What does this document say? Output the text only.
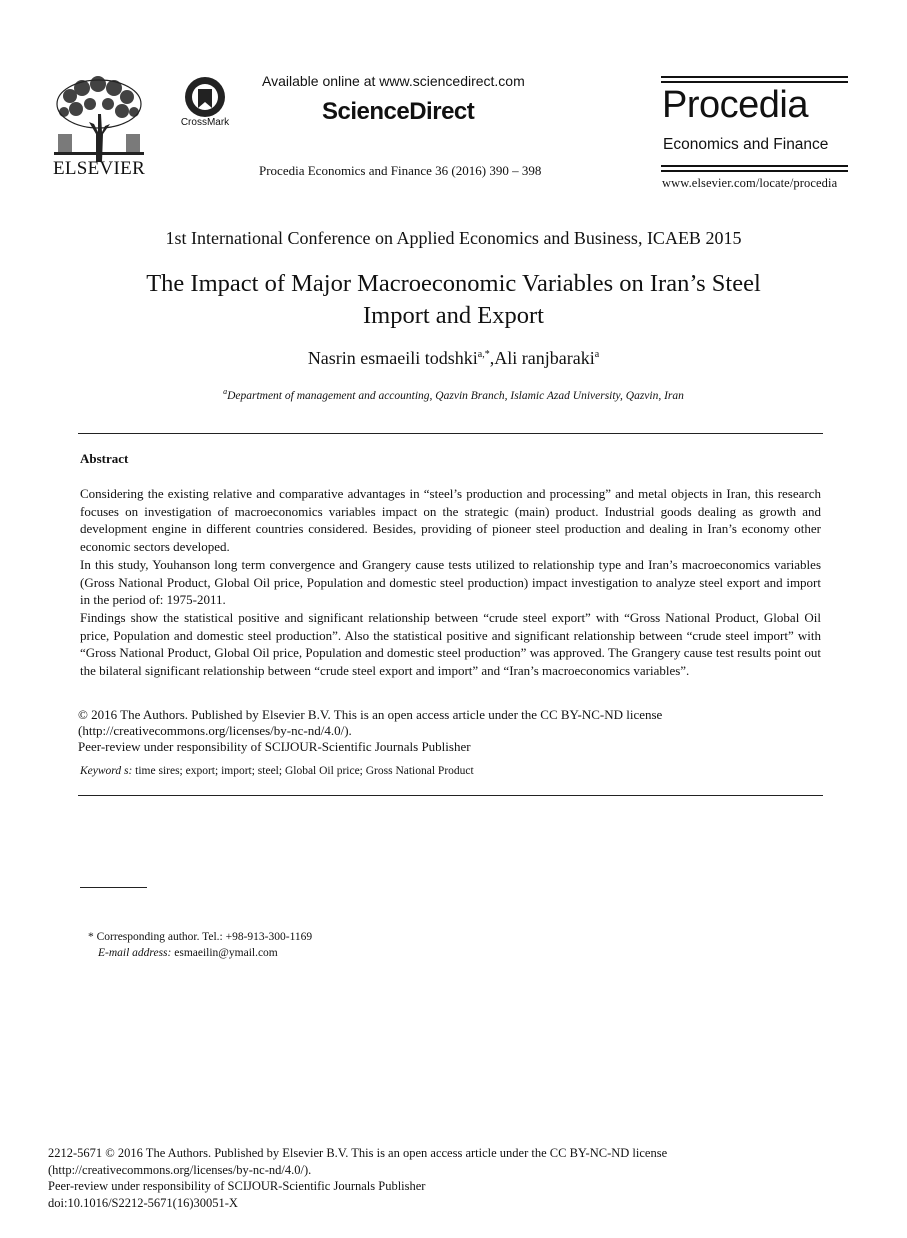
ELSEVIER
CrossMark
Available online at www.sciencedirect.com
ScienceDirect
Procedia Economics and Finance 36 (2016) 390 – 398
Procedia
Economics and Finance
www.elsevier.com/locate/procedia
1st International Conference on Applied Economics and Business, ICAEB 2015
The Impact of Major Macroeconomic Variables on Iran’s Steel
Import and Export
Nasrin esmaeili todshki$^{a,*}$,Ali ranjbaraki$^a$
$^a$Department of management and accounting, Qazvin Branch, Islamic Azad University, Qazvin, Iran
Abstract

Considering the existing relative and comparative advantages in “steel’s production and processing” and metal objects in Iran, this research focuses on investigation of macroeconomics variables impact on the strategic (main) product. Industrial goods dealing as growth and development engine in different countries considered. Besides, providing of pioneer steel production and dealing in Iran’s economy other economic sectors developed.

In this study, Youhanson long term convergence and Grangery cause tests utilized to relationship type and Iran’s macroeconomics variables (Gross National Product, Global Oil price, Population and domestic steel production) impact investigation to analyze steel export and import in the period of: 1975-2011.

Findings show the statistical positive and significant relationship between “crude steel export” with “Gross National Product, Global Oil price, Population and domestic steel production”. Also the statistical positive and significant relationship between “crude steel import” with “Gross National Product, Global Oil price, Population and domestic steel production” was approved. The Grangery cause test results point out the bilateral significant relationship between “crude steel export and import” and “Iran’s macroeconomics variables”.

© 2016 The Authors. Published by Elsevier B.V. This is an open access article under the CC BY-NC-ND license

(http://creativecommons.org/licenses/by-nc-nd/4.0/).

Peer-review under responsibility of SCIJOUR-Scientific Journals Publisher

Keyword s: time sires; export; import; steel; Global Oil price; Gross National Product

* Corresponding author. Tel.: +98-913-300-1169

E-mail address: esmaeilin@ymail.com

2212-5671 © 2016 The Authors. Published by Elsevier B.V. This is an open access article under the CC BY-NC-ND license

(http://creativecommons.org/licenses/by-nc-nd/4.0/).

Peer-review under responsibility of SCIJOUR-Scientific Journals Publisher

doi:10.1016/S2212-5671(16)30051-X
